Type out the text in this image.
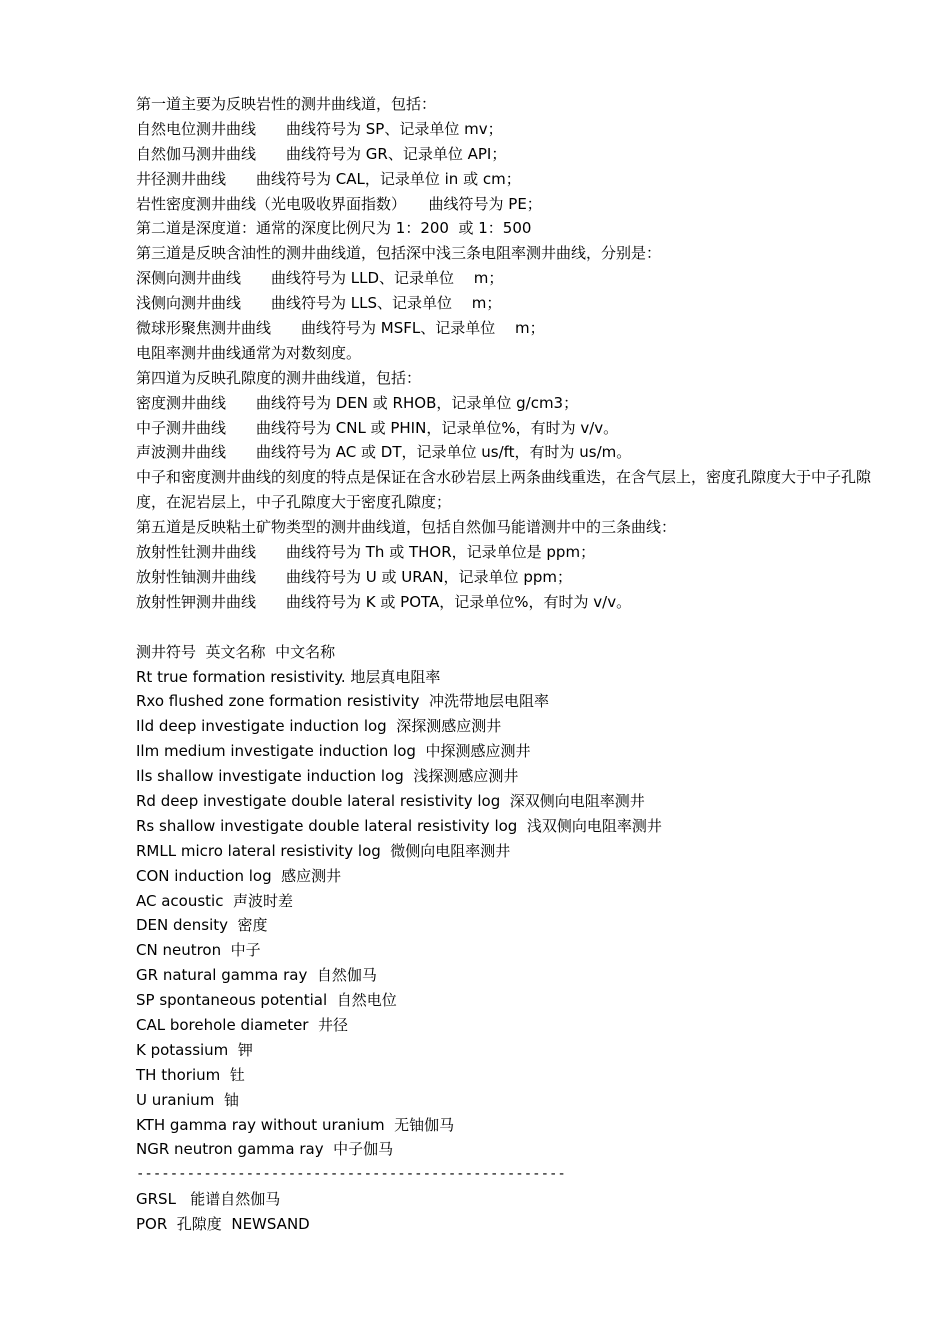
第一道主要为反映岩性的测井曲线道，包括：
自然电位测井曲线　　曲线符号为 SP、记录单位 mv；
自然伽马测井曲线　　曲线符号为 GR、记录单位 API；
井径测井曲线　　曲线符号为 CAL，记录单位 in 或 cm；
岩性密度测井曲线（光电吸收界面指数）　　曲线符号为 PE；
第二道是深度道：通常的深度比例尺为 1：200  或 1：500
第三道是反映含油性的测井曲线道，包括深中浅三条电阻率测井曲线，分别是：
深侧向测井曲线　　曲线符号为 LLD、记录单位　 m；
浅侧向测井曲线　　曲线符号为 LLS、记录单位　 m；
微球形聚焦测井曲线　　曲线符号为 MSFL、记录单位　 m；
电阻率测井曲线通常为对数刻度。
第四道为反映孔隙度的测井曲线道，包括：
密度测井曲线　　曲线符号为 DEN 或 RHOB，记录单位 g/cm3；
中子测井曲线　　曲线符号为 CNL 或 PHIN，记录单位%，有时为 v/v。
声波测井曲线　　曲线符号为 AC 或 DT，记录单位 us/ft，有时为 us/m。
中子和密度测井曲线的刻度的特点是保证在含水砂岩层上两条曲线重迭，在含气层上，密度孔隙度大于中子孔隙度，在泥岩层上，中子孔隙度大于密度孔隙度；
第五道是反映粘土矿物类型的测井曲线道，包括自然伽马能谱测井中的三条曲线：
放射性钍测井曲线　　曲线符号为 Th 或 THOR，记录单位是 ppm；
放射性铀测井曲线　　曲线符号为 U 或 URAN，记录单位 ppm；
放射性钾测井曲线　　曲线符号为 K 或 POTA，记录单位%，有时为 v/v。
测井符号  英文名称  中文名称
Rt true formation resistivity. 地层真电阻率
Rxo flushed zone formation resistivity  冲洗带地层电阻率
Ild deep investigate induction log  深探测感应测井
Ilm medium investigate induction log  中探测感应测井
Ils shallow investigate induction log  浅探测感应测井
Rd deep investigate double lateral resistivity log  深双侧向电阻率测井
Rs shallow investigate double lateral resistivity log  浅双侧向电阻率测井
RMLL micro lateral resistivity log  微侧向电阻率测井
CON induction log  感应测井
AC acoustic  声波时差
DEN density  密度
CN neutron  中子
GR natural gamma ray  自然伽马
SP spontaneous potential  自然电位
CAL borehole diameter  井径
K potassium  钾
TH thorium  钍
U uranium  铀
KTH gamma ray without uranium  无铀伽马
NGR neutron gamma ray  中子伽马
---------------------------------------------------
GRSL   能谱自然伽马
POR  孔隙度  NEWSAND
